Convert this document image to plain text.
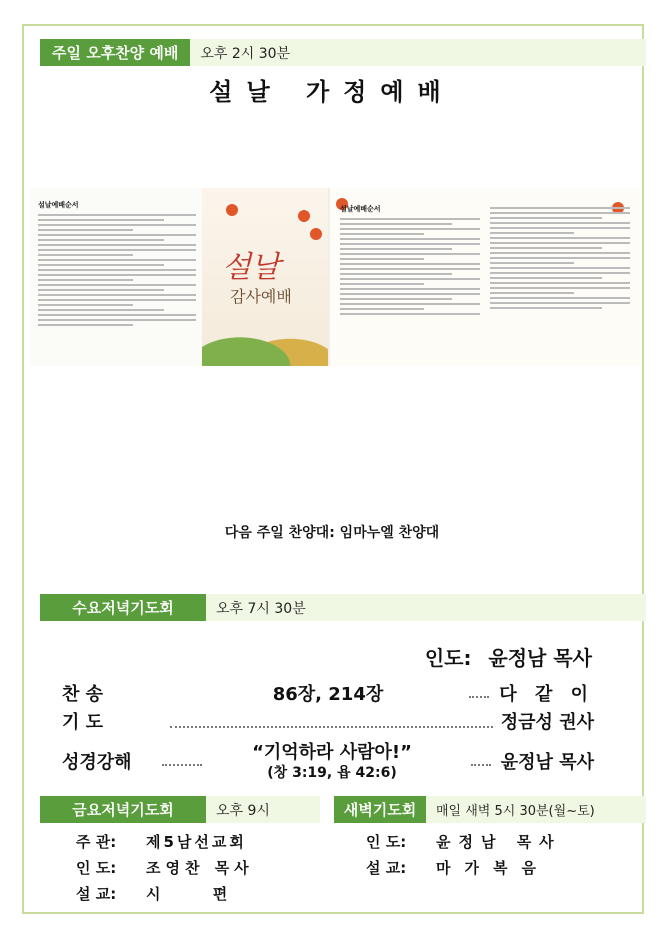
주일 오후찬양 예배	오후 2시 30분
설날 가정예배
설날예배순서
설날
감사예배
설날예배순서
다음 주일 찬양대: 임마누엘 찬양대
수요저녁기도회	오후 7시 30분
인도: 윤정남 목사
찬 송	86장, 214장	다 같 이
기 도	정금성 권사
성경강해	윤정남 목사
“기억하라 사람아!”
(창 3:19, 욥 42:6)
금요저녁기도회	오후 9시
주 관:	제5남선교회
인 도:	조영찬 목사
설 교:	시          편
새벽기도회	매일 새벽 5시 30분(월~토)
인 도:	윤정남 목사
설 교:	마가복음
